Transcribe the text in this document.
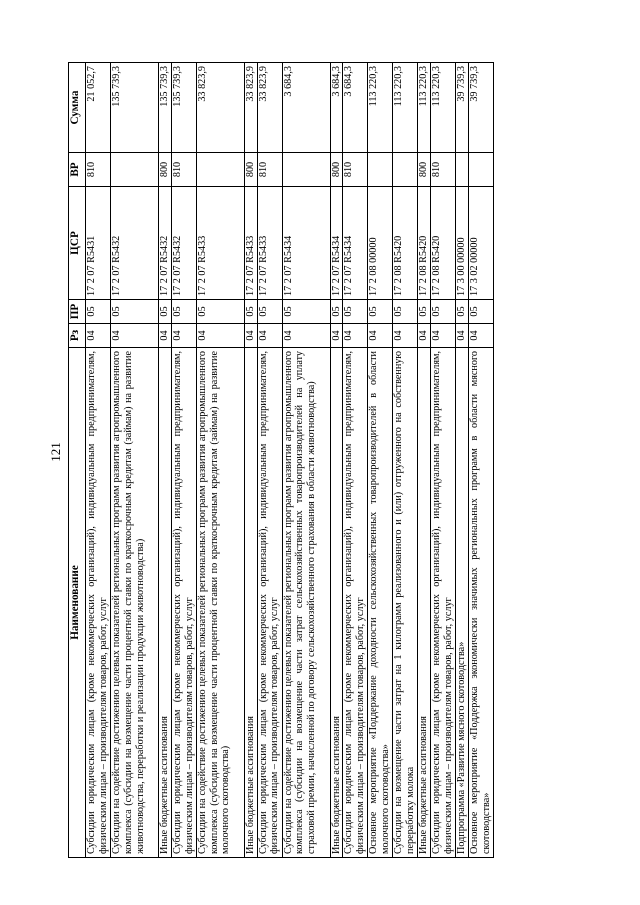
121
Наименование	Рз	ПР	ЦСР	ВР	Сумма
Субсидии юридическим лицам (кроме некоммерческих организаций), индивидуальным предпринимателям, физическим лицам – производителям товаров, работ, услуг	04	05	17 2 07 R5431	810	21 052,7
Субсидии на содействие достижению целевых показателей региональных программ развития агропромышленного комплекса (субсидии на возмещение части процентной ставки по краткосрочным кредитам (займам) на развитие животноводства, переработки и реализации продукции животноводства)	04	05	17 2 07 R5432		135 739,3
Иные бюджетные ассигнования	04	05	17 2 07 R5432	800	135 739,3
Субсидии юридическим лицам (кроме некоммерческих организаций), индивидуальным предпринимателям, физическим лицам – производителям товаров, работ, услуг	04	05	17 2 07 R5432	810	135 739,3
Субсидии на содействие достижению целевых показателей региональных программ развития агропромышленного комплекса (субсидии на возмещение части процентной ставки по краткосрочным кредитам (займам) на развитие молочного скотоводства)	04	05	17 2 07 R5433		33 823,9
Иные бюджетные ассигнования	04	05	17 2 07 R5433	800	33 823,9
Субсидии юридическим лицам (кроме некоммерческих организаций), индивидуальным предпринимателям, физическим лицам – производителям товаров, работ, услуг	04	05	17 2 07 R5433	810	33 823,9
Субсидии на содействие достижению целевых показателей региональных программ развития агропромышленного комплекса (субсидии на возмещение части затрат сельскохозяйственных товаропроизводителей на уплату страховой премии, начисленной по договору сельскохозяйственного страхования в области животноводства)	04	05	17 2 07 R5434		3 684,3
Иные бюджетные ассигнования	04	05	17 2 07 R5434	800	3 684,3
Субсидии юридическим лицам (кроме некоммерческих организаций), индивидуальным предпринимателям, физическим лицам – производителям товаров, работ, услуг	04	05	17 2 07 R5434	810	3 684,3
Основное мероприятие «Поддержание доходности сельскохозяйственных товаропроизводителей в области молочного скотоводства»	04	05	17 2 08 00000		113 220,3
Субсидии на возмещение части затрат на 1 килограмм реализованного и (или) отгруженного на собственную переработку молока	04	05	17 2 08 R5420		113 220,3
Иные бюджетные ассигнования	04	05	17 2 08 R5420	800	113 220,3
Субсидии юридическим лицам (кроме некоммерческих организаций), индивидуальным предпринимателям, физическим лицам – производителям товаров, работ, услуг	04	05	17 2 08 R5420	810	113 220,3
Подпрограмма «Развитие мясного скотоводства»	04	05	17 3 00 00000		39 739,3
Основное мероприятие «Поддержка экономически значимых региональных программ в области мясного скотоводства»	04	05	17 3 02 00000		39 739,3
